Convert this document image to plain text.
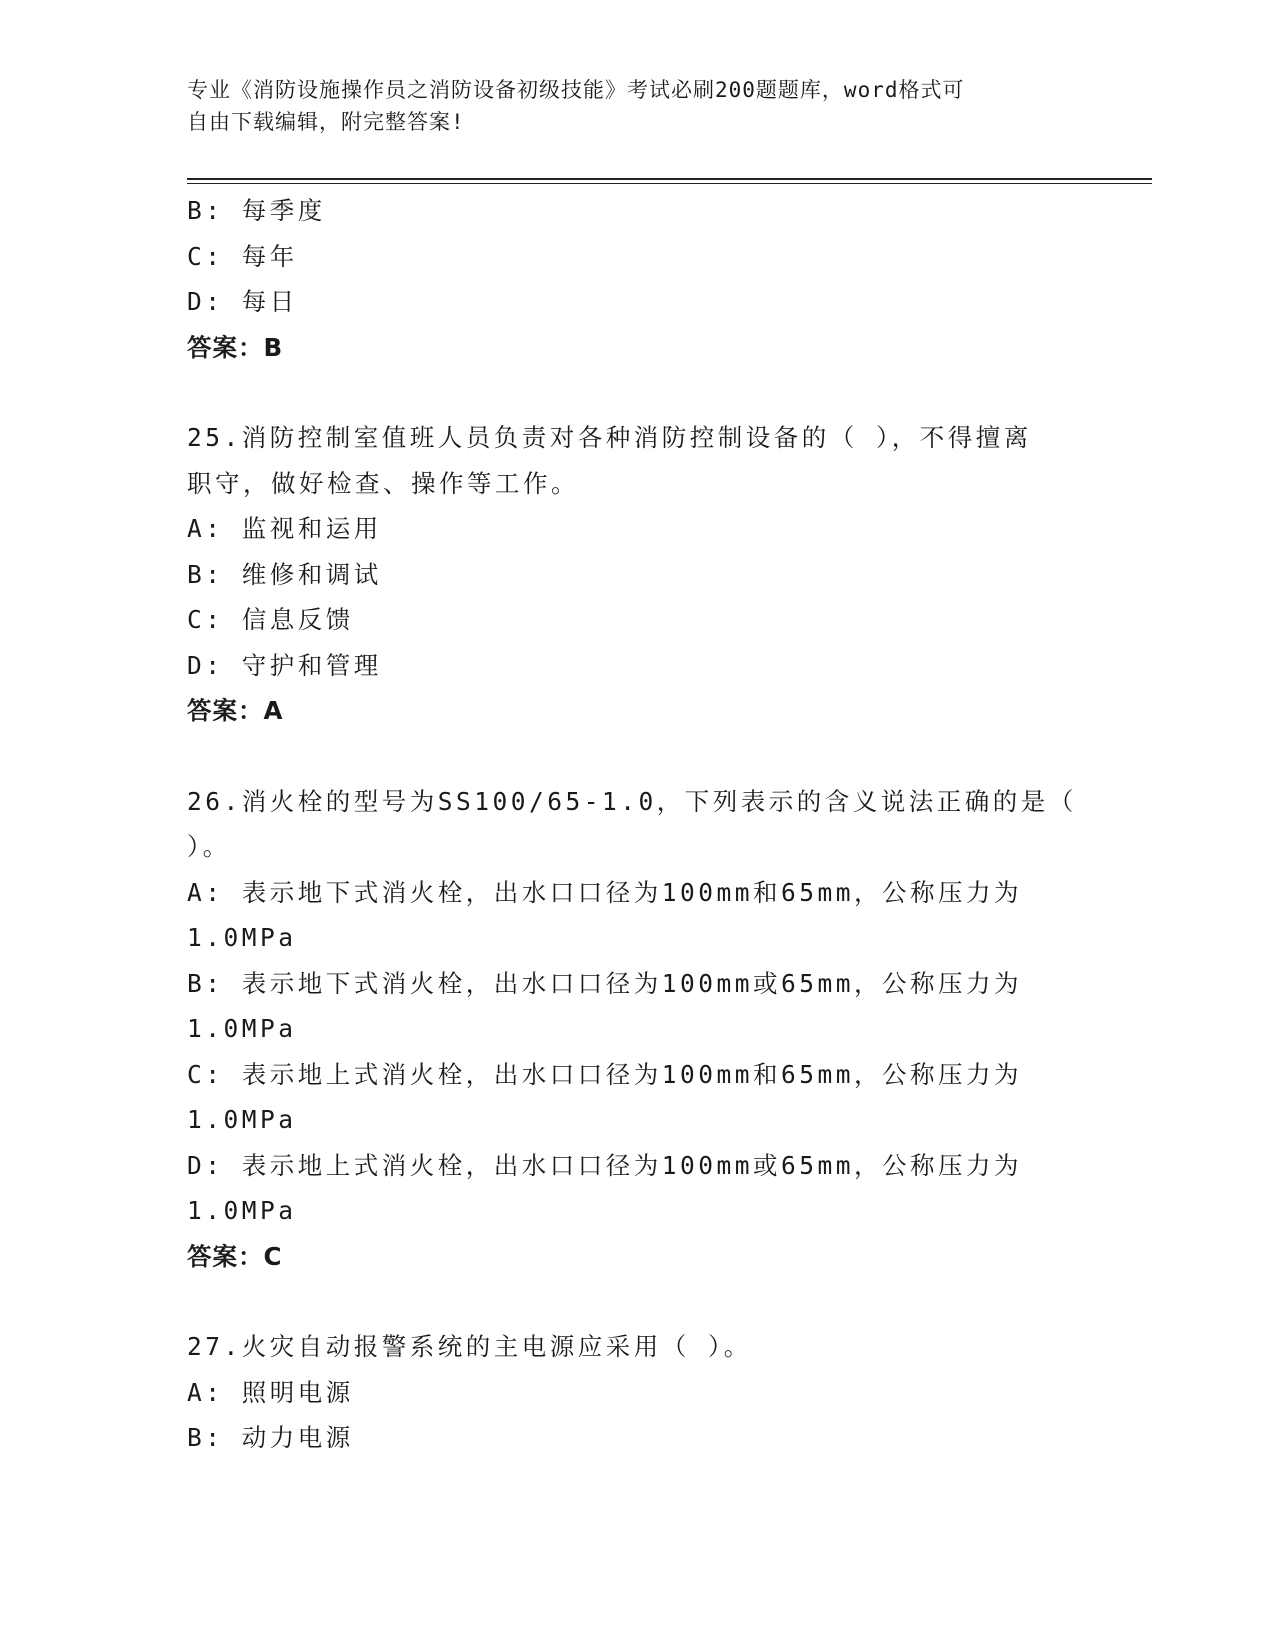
专业《消防设施操作员之消防设备初级技能》考试必刷200题题库，word格式可
自由下载编辑，附完整答案!
B: 每季度
C: 每年
D: 每日
答案：B
25.消防控制室值班人员负责对各种消防控制设备的（ ），不得擅离
职守，做好检查、操作等工作。
A: 监视和运用
B: 维修和调试
C: 信息反馈
D: 守护和管理
答案：A
26.消火栓的型号为SS100/65-1.0，下列表示的含义说法正确的是（
）。
A: 表示地下式消火栓，出水口口径为100mm和65mm，公称压力为
1.0MPa
B: 表示地下式消火栓，出水口口径为100mm或65mm，公称压力为
1.0MPa
C: 表示地上式消火栓，出水口口径为100mm和65mm，公称压力为
1.0MPa
D: 表示地上式消火栓，出水口口径为100mm或65mm，公称压力为
1.0MPa
答案：C
27.火灾自动报警系统的主电源应采用（ ）。
A: 照明电源
B: 动力电源
